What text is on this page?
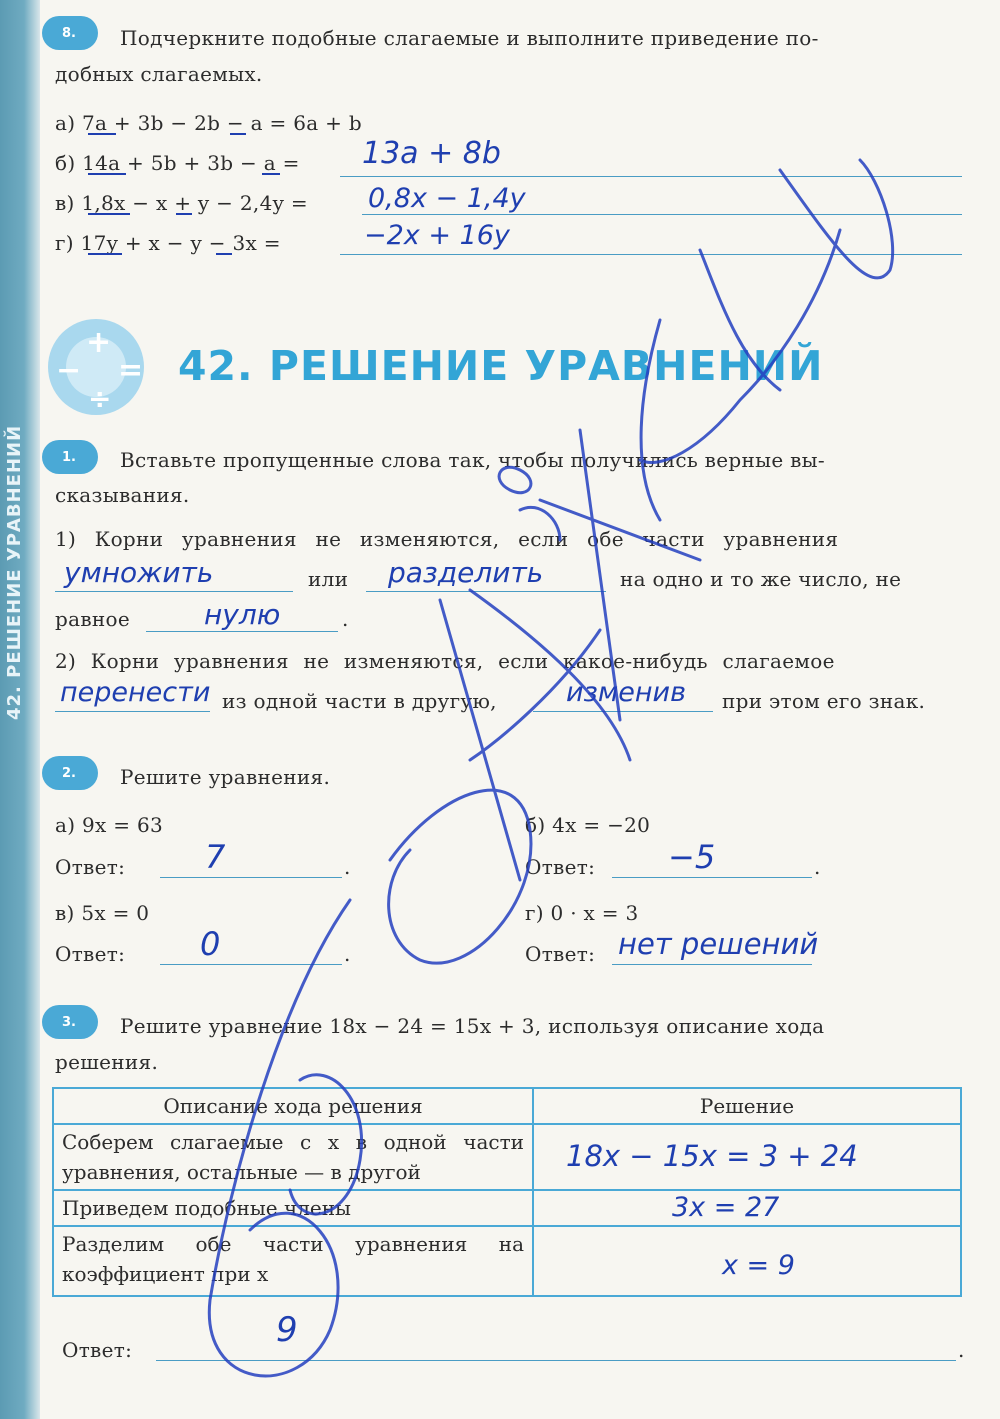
42. РЕШЕНИЕ УРАВНЕНИЙ
8.	Подчеркните подобные слагаемые и выполните приведение по-
добных слагаемых.
а) 7a + 3b − 2b − a = 6a + b
б) 14a + 5b + 3b − a = 13a + 8b
в) 1,8x − x + y − 2,4y = 0,8x − 1,4y
г) 17y + x − y − 3x =	−2x + 16y
+
− =
÷
42. РЕШЕНИЕ УРАВНЕНИЙ
1.	Вставьте пропущенные слова так, чтобы получились верные вы-
сказывания.
1) Корни уравнения не изменяются, если обе части уравнения
умножить	или разделить	на одно и то же число, не
равное	нулю	.
2) Корни уравнения не изменяются, если какое-нибудь слагаемое
перенести из одной части в другую,	изменив при этом его знак.
2.	Решите уравнения.
а) 9x = 63
Ответ: 7	.
б) 4x = −20
Ответ: −5	.
в) 5x = 0
Ответ: 0	.
г) 0 · x = 3
Ответ: нет решений
3.	Решите уравнение 18x − 24 = 15x + 3, используя описание хода
решения.
Описание хода решения	Решение
Соберем слагаемые с x в одной части уравнения, остальные — в другой	18x − 15x = 3 + 24

Приведем подобные члены	3x = 27

Разделим обе части уравнения на коэффициент при x	x = 9
Ответ:	9	.
